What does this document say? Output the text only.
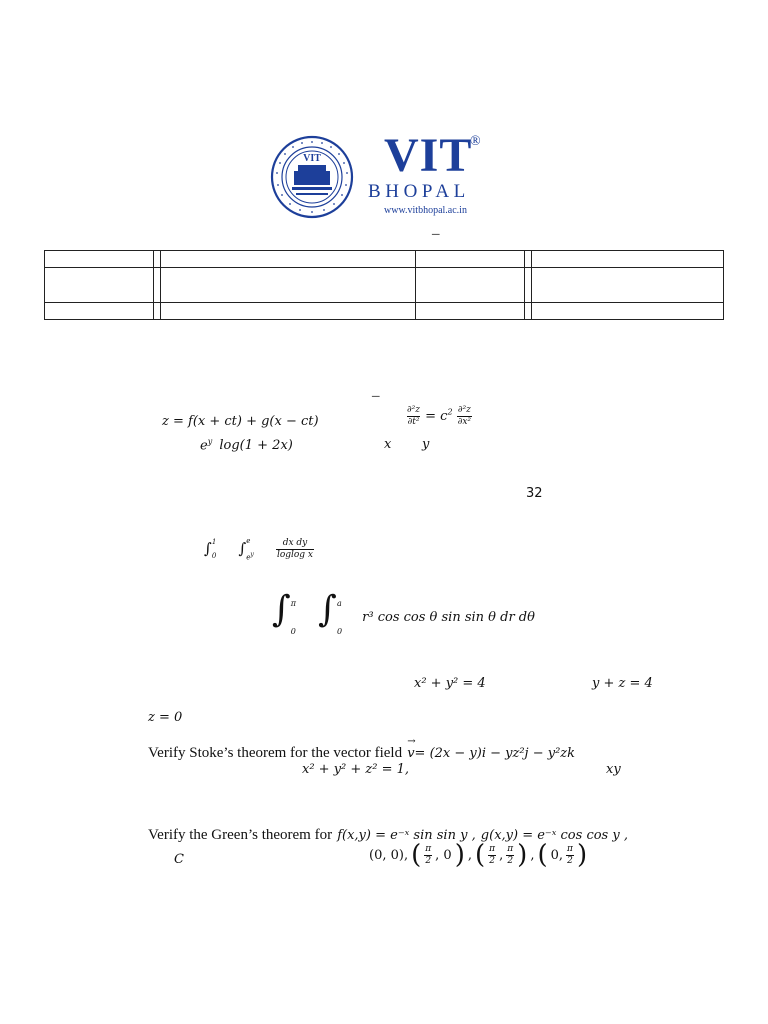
VIT VIT
®
BHOPAL
www.vitbhopal.ac.in
–

–
z = f(x + ct) + g(x − ct)	$\frac{\text{∂²z}}{\text{∂t²}} = c^2 \frac{\text{∂²z}}{\text{∂x²}}$
$e^y$ log(1 + 2x)	x y
32
∫ 1
0 ∫ e
$e^y$
$\frac{\text{dx dy}}{\text{loglog x}}$
∫ π
0
∫ a
0
r³ cos cos θ sin sin θ dr dθ
x² + y² = 4	y + z = 4
z = 0
Verify Stoke’s theorem for the vector field
→
v= (2x − y)i − yz²j − y²zk
x² + y² + z² = 1,	xy
Verify the Green’s theorem for f(x,y) = e⁻ˣ sin sin y , g(x,y) = e⁻ˣ cos cos y ,
C	(0, 0), ( $\frac{\pi}{2}$ , 0 ) , ( $\frac{\pi}{2}$ , $\frac{\pi}{2}$ ) , ( 0, $\frac{\pi}{2}$ )
